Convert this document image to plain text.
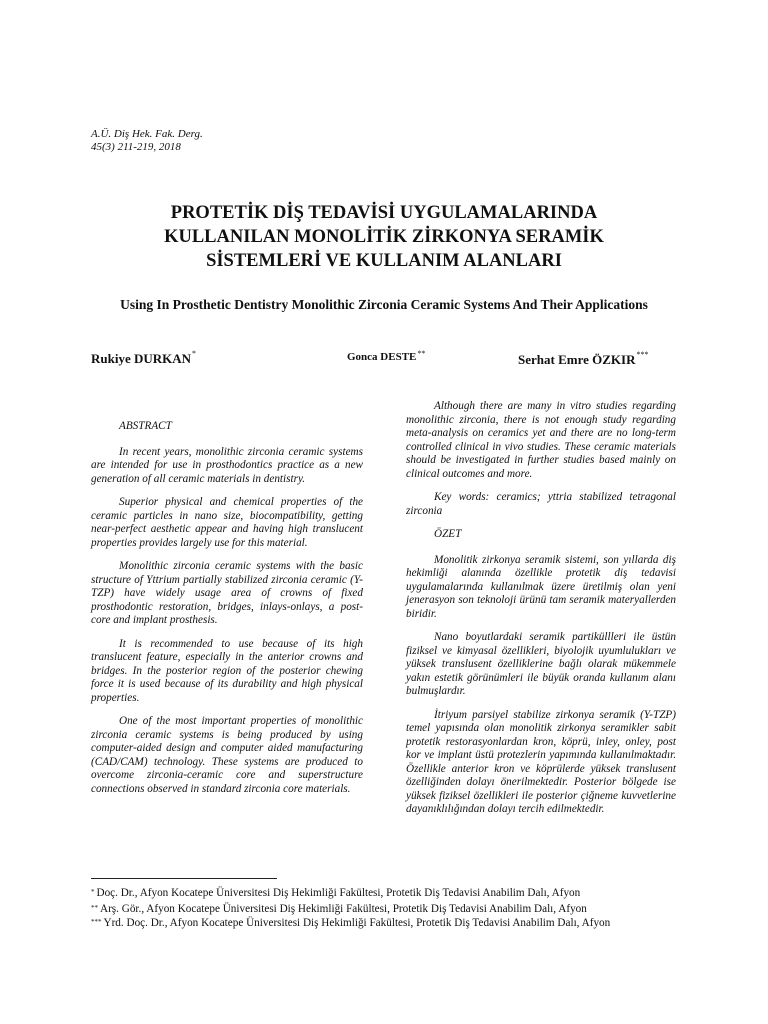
A.Ü. Diş Hek. Fak. Derg.
45(3) 211-219, 2018
PROTETİK DİŞ TEDAVİSİ UYGULAMALARINDA
KULLANILAN MONOLİTİK ZİRKONYA SERAMİK
SİSTEMLERİ VE KULLANIM ALANLARI
Using In Prosthetic Dentistry Monolithic Zirconia Ceramic Systems And Their Applications
Rukiye DURKAN*	Gonca DESTE**	Serhat Emre ÖZKIR***

ABSTRACT

In recent years, monolithic zirconia ceramic systems are intended for use in prosthodontics practice as a new generation of all ceramic materials in dentistry.

Superior physical and chemical properties of the ceramic particles in nano size, biocompatibility, getting near-perfect aesthetic appear and having high translucent properties provides largely use for this material.

Monolithic zirconia ceramic systems with the basic structure of Yttrium partially stabilized zirconia ceramic (Y-TZP) have widely usage area of crowns of fixed prosthodontic restoration, bridges, inlays-onlays, a post-core and implant prosthesis.

It is recommended to use because of its high translucent feature, especially in the anterior crowns and bridges. In the posterior region of the posterior chewing force it is used because of its durability and high physical properties.

One of the most important properties of monolithic zirconia ceramic systems is being produced by using computer-aided design and computer aided manufacturing (CAD/CAM) technology. These systems are produced to overcome zirconia-ceramic core and superstructure connections observed in standard zirconia core materials.

Although there are many in vitro studies regarding monolithic zirconia, there is not enough study regarding meta-analysis on ceramics yet and there are no long-term controlled clinical in vivo studies. These ceramic materials should be investigated in further studies based mainly on clinical outcomes and more.

Key words: ceramics; yttria stabilized tetragonal zirconia

ÖZET

Monolitik zirkonya seramik sistemi, son yıllarda diş hekimliği alanında özellikle protetik diş tedavisi uygulamalarında kullanılmak üzere üretilmiş olan yeni jenerasyon son teknoloji ürünü tam seramik materyallerden biridir.

Nano boyutlardaki seramik partiküllleri ile üstün fiziksel ve kimyasal özellikleri, biyolojik uyumlulukları ve yüksek translusent özelliklerine bağlı olarak mükemmele yakın estetik görünümleri ile büyük oranda kullanım alanı bulmuşlardır.

İtriyum parsiyel stabilize zirkonya seramik (Y-TZP) temel yapısında olan monolitik zirkonya seramikler sabit protetik restorasyonlardan kron, köprü, inley, onley, post kor ve implant üstü protezlerin yapımında kullanılmaktadır. Özellikle anterior kron ve köprülerde yüksek translusent özelliğinden dolayı önerilmektedir. Posterior bölgede ise yüksek fiziksel özellikleri ile posterior çiğneme kuvvetlerine dayanıklılığından dolayı tercih edilmektedir.

* Doç. Dr., Afyon Kocatepe Üniversitesi Diş Hekimliği Fakültesi, Protetik Diş Tedavisi Anabilim Dalı, Afyon
** Arş. Gör., Afyon Kocatepe Üniversitesi Diş Hekimliği Fakültesi, Protetik Diş Tedavisi Anabilim Dalı, Afyon
*** Yrd. Doç. Dr., Afyon Kocatepe Üniversitesi Diş Hekimliği Fakültesi, Protetik Diş Tedavisi Anabilim Dalı, Afyon
